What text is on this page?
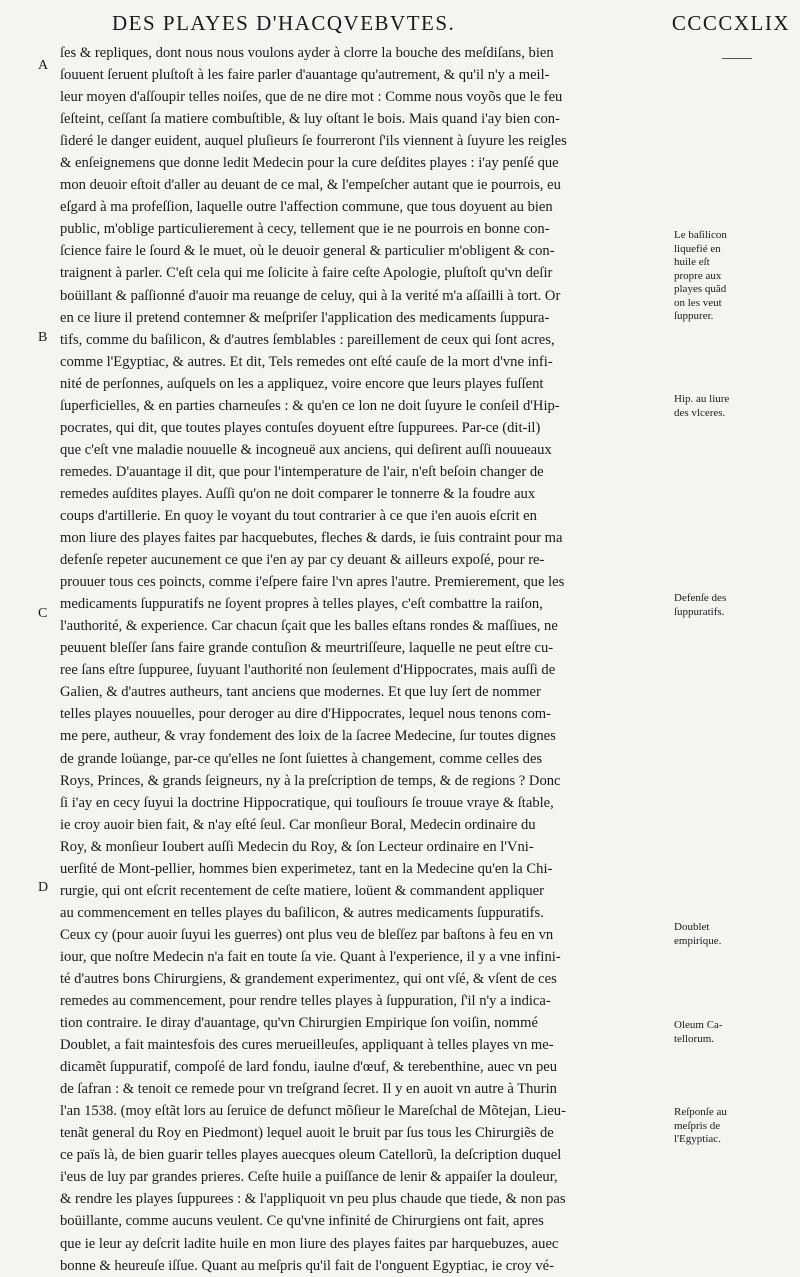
DES PLAYES D'HACQVEBVTES.	CCCCXLIX
A
B
C
D
ſes & repliques, dont nous nous voulons ayder à clorre la bouche des meſdiſans, bien
ſouuent ſeruent pluſtoſt à les faire parler d'auantage qu'autrement, & qu'il n'y a meil-
leur moyen d'aſſoupir telles noiſes, que de ne dire mot : Comme nous voyõs que le feu
ſeſteint, ceſſant ſa matiere combuſtible, & luy oſtant le bois. Mais quand i'ay bien con-
ſideré le danger euident, auquel pluſieurs ſe fourreront ſ'ils viennent à ſuyure les reigles
& enſeignemens que donne ledit Medecin pour la cure deſdites playes : i'ay penſé que
mon deuoir eſtoit d'aller au deuant de ce mal, & l'empeſcher autant que ie pourrois, eu
eſgard à ma profeſſion, laquelle outre l'affection commune, que tous doyuent au bien
public, m'oblige particulierement à cecy, tellement que ie ne pourrois en bonne con-
ſcience faire le ſourd & le muet, où le deuoir general & particulier m'obligent & con-
traignent à parler. C'eſt cela qui me ſolicite à faire ceſte Apologie, pluſtoſt qu'vn deſir
boüillant & paſſionné d'auoir ma reuange de celuy, qui à la verité m'a aſſailli à tort. Or
en ce liure il pretend contemner & meſpriſer l'application des medicaments ſuppura-
tifs, comme du baſilicon, & d'autres ſemblables : pareillement de ceux qui ſont acres,
comme l'Egyptiac, & autres. Et dit, Tels remedes ont eſté cauſe de la mort d'vne infi-
nité de perſonnes, auſquels on les a appliquez, voire encore que leurs playes fuſſent
ſuperficielles, & en parties charneuſes : & qu'en ce lon ne doit ſuyure le conſeil d'Hip-
pocrates, qui dit, que toutes playes contuſes doyuent eſtre ſuppurees. Par-ce (dit-il)
que c'eſt vne maladie nouuelle & incogneuë aux anciens, qui deſirent auſſi nouueaux
remedes. D'auantage il dit, que pour l'intemperature de l'air, n'eſt beſoin changer de
remedes auſdites playes. Auſſi qu'on ne doit comparer le tonnerre & la foudre aux
coups d'artillerie. En quoy le voyant du tout contrarier à ce que i'en auois eſcrit en
mon liure des playes faites par hacquebutes, fleches & dards, ie ſuis contraint pour ma
defenſe repeter aucunement ce que i'en ay par cy deuant & ailleurs expoſé, pour re-
prouuer tous ces poincts, comme i'eſpere faire l'vn apres l'autre. Premierement, que les
medicaments ſuppuratifs ne ſoyent propres à telles playes, c'eſt combattre la raiſon,
l'authorité, & experience. Car chacun ſçait que les balles eſtans rondes & maſſiues, ne
peuuent bleſſer ſans faire grande contuſion & meurtriſſeure, laquelle ne peut eſtre cu-
ree ſans eſtre ſuppuree, ſuyuant l'authorité non ſeulement d'Hippocrates, mais auſſi de
Galien, & d'autres autheurs, tant anciens que modernes. Et que luy ſert de nommer
telles playes nouuelles, pour deroger au dire d'Hippocrates, lequel nous tenons com-
me pere, autheur, & vray fondement des loix de la ſacree Medecine, ſur toutes dignes
de grande loüange, par-ce qu'elles ne ſont ſuiettes à changement, comme celles des
Roys, Princes, & grands ſeigneurs, ny à la preſcription de temps, & de regions ? Donc
ſi i'ay en cecy ſuyui la doctrine Hippocratique, qui touſiours ſe trouue vraye & ſtable,
ie croy auoir bien fait, & n'ay eſté ſeul. Car monſieur Boral, Medecin ordinaire du
Roy, & monſieur Ioubert auſſi Medecin du Roy, & ſon Lecteur ordinaire en l'Vni-
uerſité de Mont-pellier, hommes bien experimetez, tant en la Medecine qu'en la Chi-
rurgie, qui ont eſcrit recentement de ceſte matiere, loüent & commandent appliquer
au commencement en telles playes du baſilicon, & autres medicaments ſuppuratifs.
Ceux cy (pour auoir ſuyui les guerres) ont plus veu de bleſſez par baſtons à feu en vn
iour, que noſtre Medecin n'a fait en toute ſa vie. Quant à l'experience, il y a vne infini-
té d'autres bons Chirurgiens, & grandement experimentez, qui ont vſé, & vſent de ces
remedes au commencement, pour rendre telles playes à ſuppuration, ſ'il n'y a indica-
tion contraire. Ie diray d'auantage, qu'vn Chirurgien Empirique ſon voiſin, nommé
Doublet, a fait maintesfois des cures merueilleuſes, appliquant à telles playes vn me-
dicamẽt ſuppuratif, compoſé de lard fondu, iaulne d'œuf, & terebenthine, auec vn peu
de ſafran : & tenoit ce remede pour vn treſgrand ſecret. Il y en auoit vn autre à Thurin
l'an 1538. (moy eſtãt lors au ſeruice de defunct mõſieur le Mareſchal de Mõtejan, Lieu-
tenãt general du Roy en Piedmont) lequel auoit le bruit par ſus tous les Chirurgiẽs de
ce païs là, de bien guarir telles playes auecques oleum Catellorũ, la deſcription duquel
i'eus de luy par grandes prieres. Ceſte huile a puiſſance de lenir & appaiſer la douleur,
& rendre les playes ſuppurees : & l'appliquoit vn peu plus chaude que tiede, & non pas
boüillante, comme aucuns veulent. Ce qu'vne infinité de Chirurgiens ont fait, apres
que ie leur ay deſcrit ladite huile en mon liure des playes faites par harquebuzes, auec
bonne & heureuſe iſſue. Quant au meſpris qu'il fait de l'onguent Egyptiac, ie croy vé-
Le baſilicon
liquefié en
huile eſt
propre aux
playes quãd
on les veut
ſuppurer.
Hip. au liure
des vlceres.
Defenſe des
ſuppuratifs.
Doublet
empirique.
Oleum Ca-
tellorum.
Reſponſe au
meſpris de
l'Egyptiac.
